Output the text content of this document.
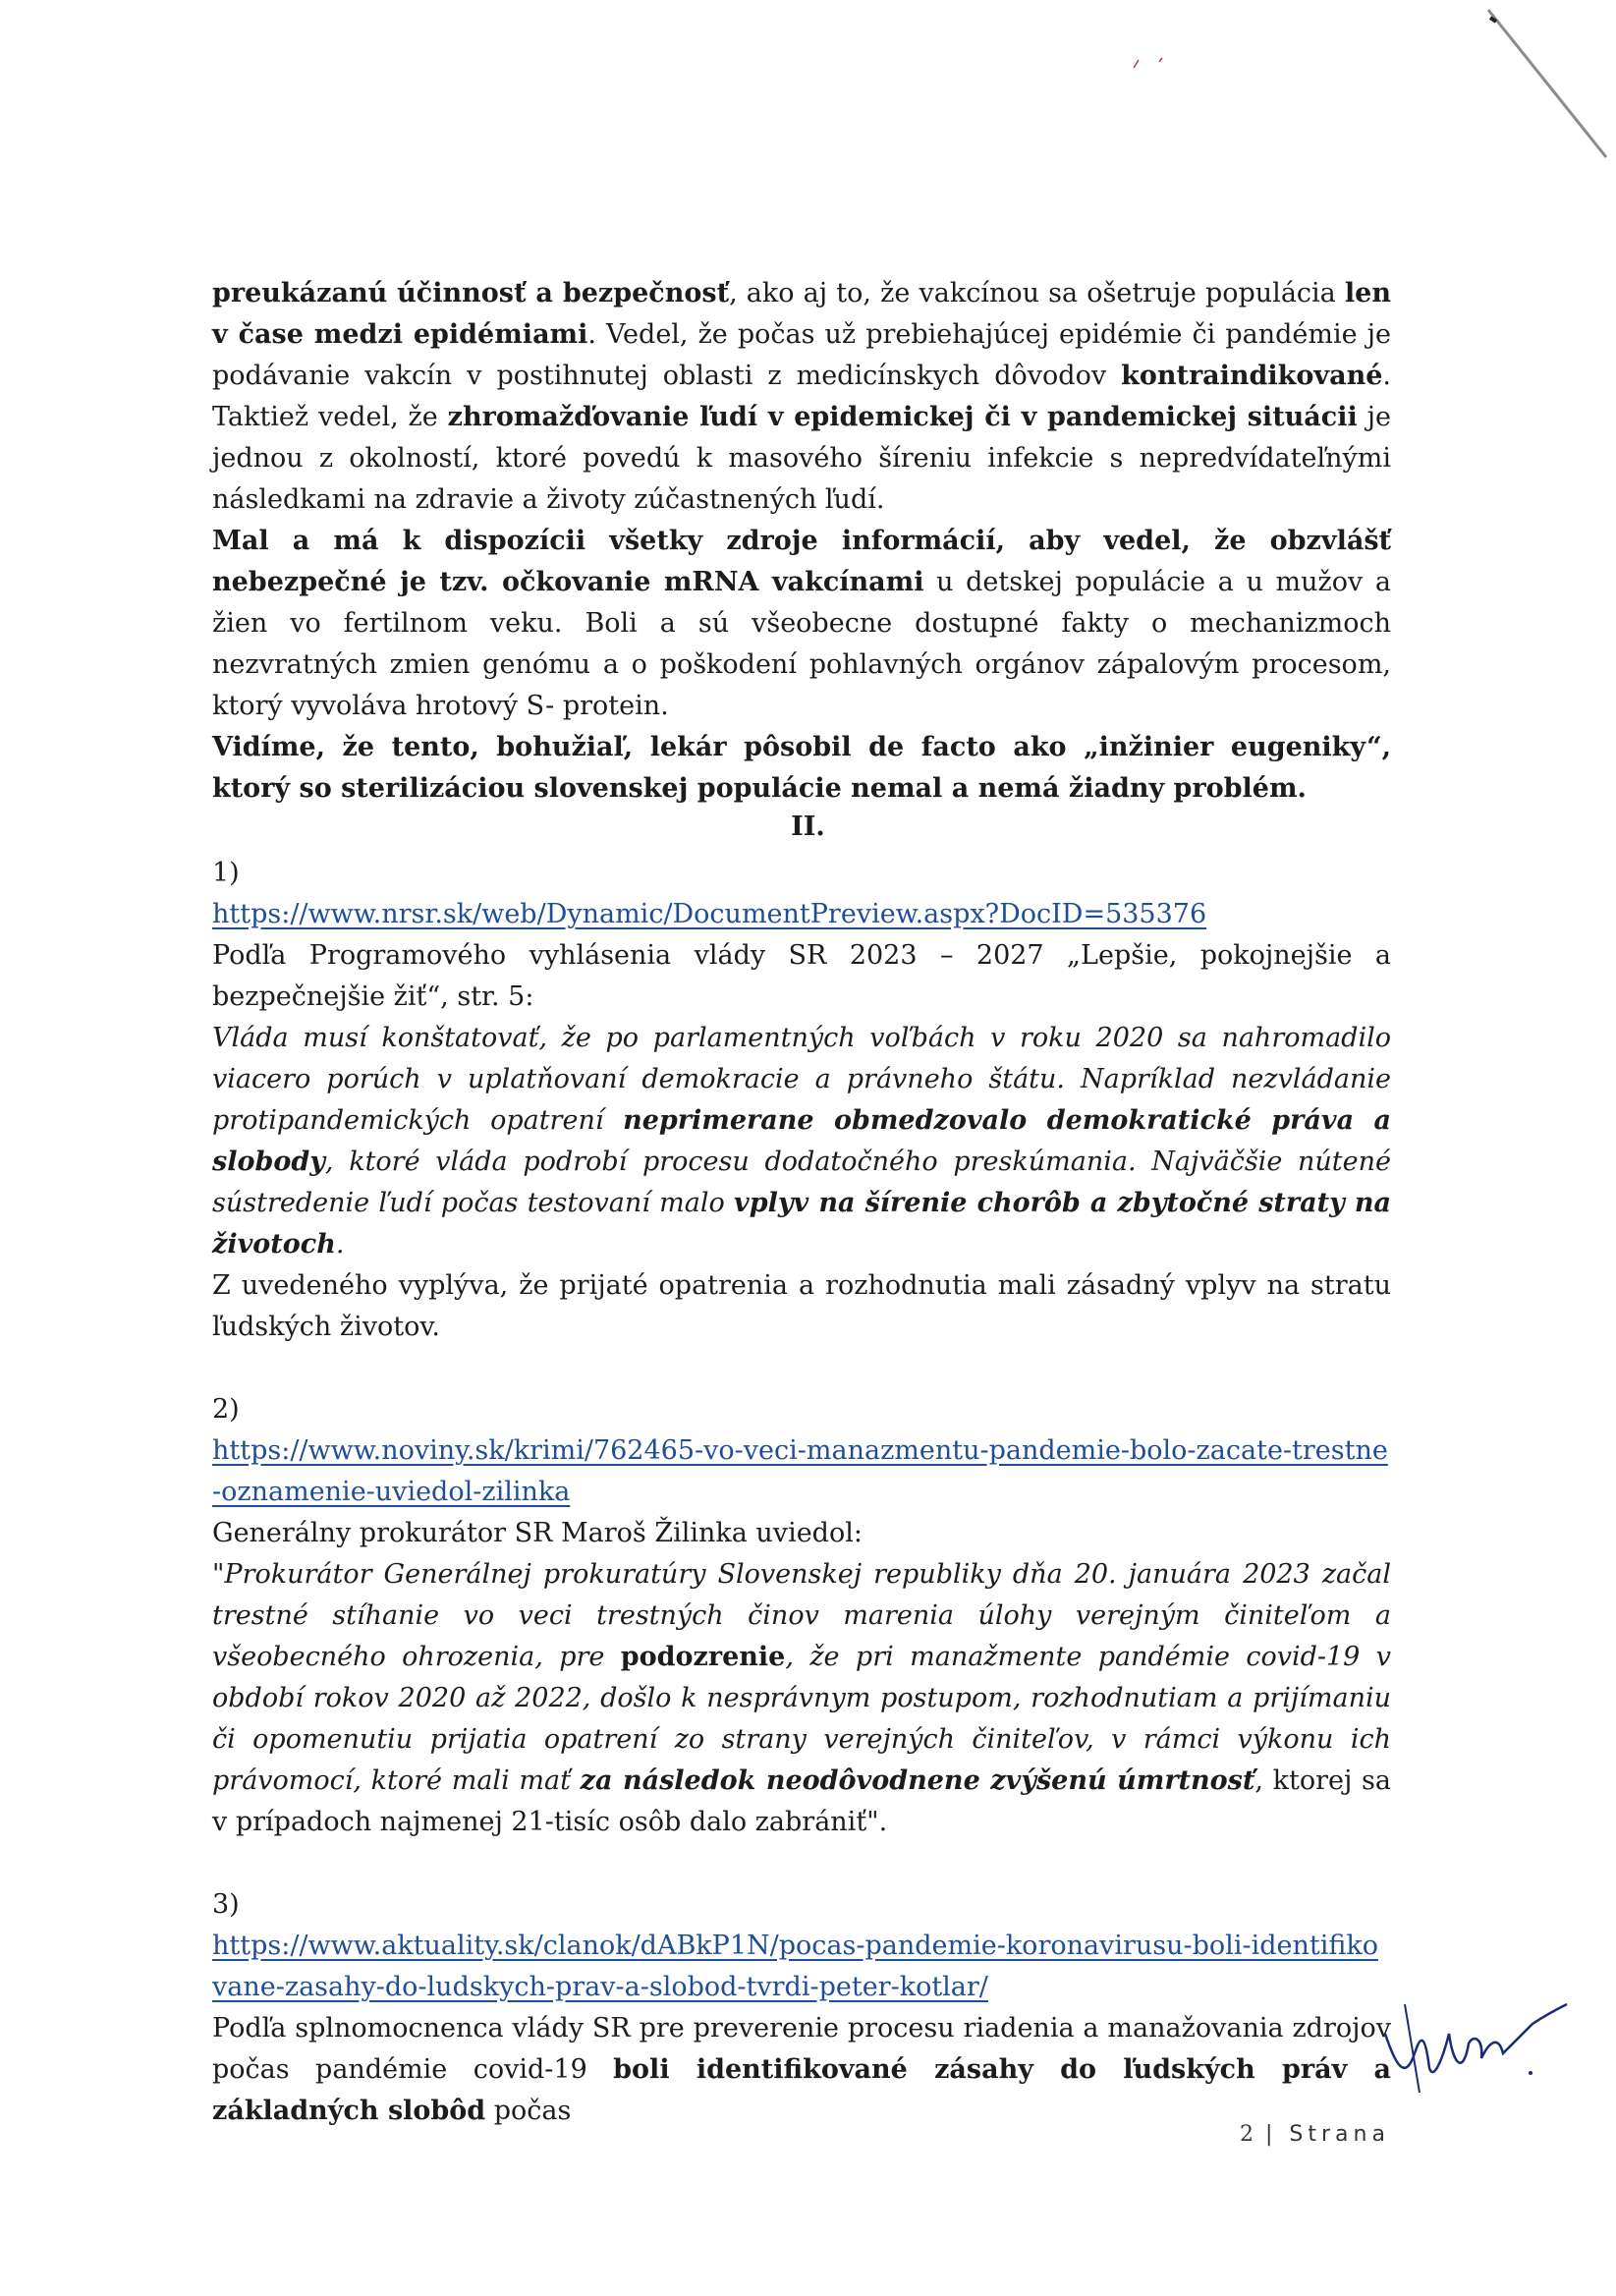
preukázanú účinnosť a bezpečnosť, ako aj to, že vakcínou sa ošetruje populácia len v čase medzi epidémiami. Vedel, že počas už prebiehajúcej epidémie či pandémie je podávanie vakcín v postihnutej oblasti z medicínskych dôvodov kontraindikované. Taktiež vedel, že zhromažďovanie ľudí v epidemickej či v pandemickej situácii je jednou z okolností, ktoré povedú k masového šíreniu infekcie s nepredvídateľnými následkami na zdravie a životy zúčastnených ľudí.

Mal a má k dispozícii všetky zdroje informácií, aby vedel, že obzvlášť nebezpečné je tzv. očkovanie mRNA vakcínami u detskej populácie a u mužov a žien vo fertilnom veku. Boli a sú všeobecne dostupné fakty o mechanizmoch nezvratných zmien genómu a o poškodení pohlavných orgánov zápalovým procesom, ktorý vyvoláva hrotový S- protein.

Vidíme, že tento, bohužiaľ, lekár pôsobil de facto ako „inžinier eugeniky“, ktorý so sterilizáciou slovenskej populácie nemal a nemá žiadny problém.

II.

1)

https://www.nrsr.sk/web/Dynamic/DocumentPreview.aspx?DocID=535376

Podľa Programového vyhlásenia vlády SR 2023 – 2027 „Lepšie, pokojnejšie a bezpečnejšie žiť“, str. 5:

Vláda musí konštatovať, že po parlamentných voľbách v roku 2020 sa nahromadilo viacero porúch v uplatňovaní demokracie a právneho štátu. Napríklad nezvládanie protipandemických opatrení neprimerane obmedzovalo demokratické práva a slobody, ktoré vláda podrobí procesu dodatočného preskúmania. Najväčšie nútené sústredenie ľudí počas testovaní malo vplyv na šírenie chorôb a zbytočné straty na životoch.

Z uvedeného vyplýva, že prijaté opatrenia a rozhodnutia mali zásadný vplyv na stratu ľudských životov.

2)

https://www.noviny.sk/krimi/762465-vo-veci-manazmentu-pandemie-bolo-zacate-trestne-oznamenie-uviedol-zilinka

Generálny prokurátor SR Maroš Žilinka uviedol:

"Prokurátor Generálnej prokuratúry Slovenskej republiky dňa 20. januára 2023 začal trestné stíhanie vo veci trestných činov marenia úlohy verejným činiteľom a všeobecného ohrozenia, pre podozrenie, že pri manažmente pandémie covid-19 v období rokov 2020 až 2022, došlo k nesprávnym postupom, rozhodnutiam a prijímaniu či opomenutiu prijatia opatrení zo strany verejných činiteľov, v rámci výkonu ich právomocí, ktoré mali mať za následok neodôvodnene zvýšenú úmrtnosť, ktorej sa v prípadoch najmenej 21-tisíc osôb dalo zabrániť".

3)

https://www.aktuality.sk/clanok/dABkP1N/pocas-pandemie-koronavirusu-boli-identifikovane-zasahy-do-ludskych-prav-a-slobod-tvrdi-peter-kotlar/

Podľa splnomocnenca vlády SR pre preverenie procesu riadenia a manažovania zdrojov počas pandémie covid-19 boli identifikované zásahy do ľudských práv a základných slobôd počas

2 | Strana
